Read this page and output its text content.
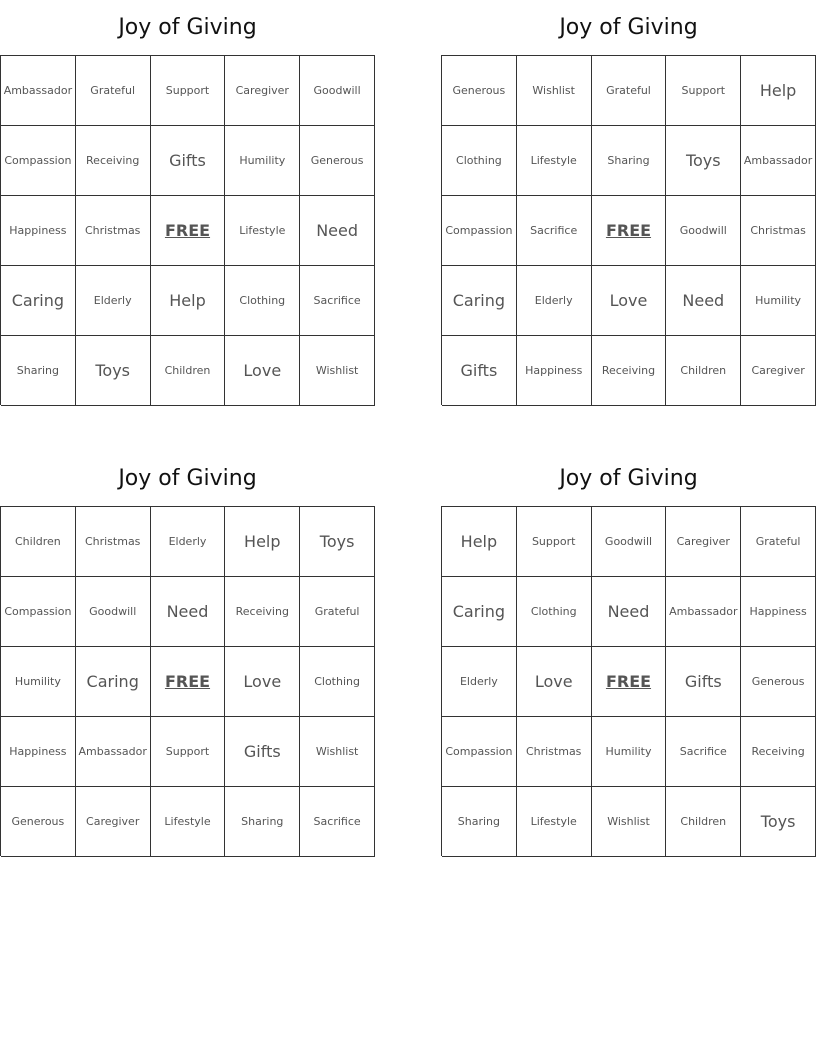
Joy of Giving
Ambassador	Grateful	Support	Caregiver	Goodwill
Compassion	Receiving	Gifts	Humility	Generous
Happiness	Christmas	FREE	Lifestyle	Need
Caring	Elderly	Help	Clothing	Sacrifice
Sharing	Toys	Children	Love	Wishlist
Joy of Giving
Generous	Wishlist	Grateful	Support	Help
Clothing	Lifestyle	Sharing	Toys	Ambassador
Compassion	Sacrifice	FREE	Goodwill	Christmas
Caring	Elderly	Love	Need	Humility
Gifts	Happiness	Receiving	Children	Caregiver
Joy of Giving
Children	Christmas	Elderly	Help	Toys
Compassion	Goodwill	Need	Receiving	Grateful
Humility	Caring	FREE	Love	Clothing
Happiness	Ambassador	Support	Gifts	Wishlist
Generous	Caregiver	Lifestyle	Sharing	Sacrifice
Joy of Giving
Help	Support	Goodwill	Caregiver	Grateful
Caring	Clothing	Need	Ambassador	Happiness
Elderly	Love	FREE	Gifts	Generous
Compassion	Christmas	Humility	Sacrifice	Receiving
Sharing	Lifestyle	Wishlist	Children	Toys
